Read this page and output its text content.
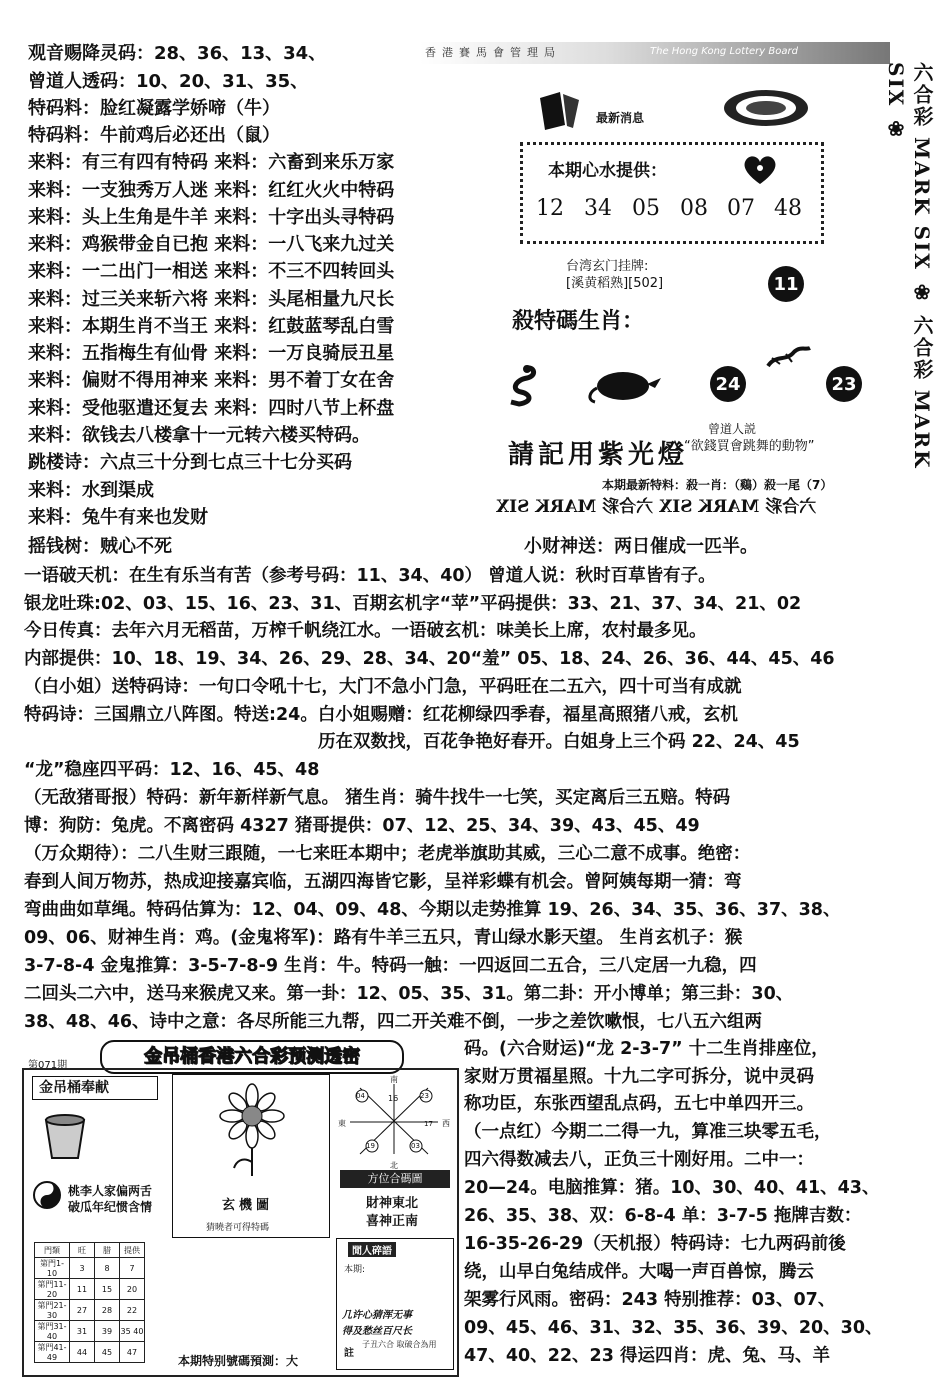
观音赐降灵码：28、36、13、34、
曾道人透码：10、20、31、35、
特码料：脸红凝露学娇啼（牛）
特码料：牛前鸡后必还出（鼠）
来料：有三有四有特码 来料：六畜到来乐万家
来料：一支独秀万人迷 来料：红红火火中特码
来料：头上生角是牛羊 来料：十字出头寻特码
来料：鸡猴带金自已抱 来料：一八飞来九过关
来料：一二出门一相送 来料：不三不四转回头
来料：过三关来斩六将 来料：头尾相量九尺长
来料：本期生肖不当王 来料：红鼓蓝琴乱白雪
来料：五指梅生有仙骨 来料：一万良骑辰丑星
来料：偏财不得用神来 来料：男不着丁女在舍
来料：受他驱遣还复去 来料：四时八节上杯盘
来料：欲钱去八楼拿十一元转六楼买特码。
跳楼诗：六点三十分到七点三十七分买码
来料：水到渠成
来料：兔牛有来也发财
摇钱树：贼心不死
香港賽馬會管理局	The Hong Kong Lottery Board
最新消息
本期心水提供：
12 34 05 08 07 48
台湾玄门挂牌:
[溪黄稻熟][502]	11
殺特碼生肖：
24	23
曾道人説
“欲錢買會跳舞的動物”
請記用紫光燈
本期最新特料：殺一肖：（鷄）殺一尾（7）
六合彩 MARK SIX 六合彩 MARK SIX
六合彩 MARK SIX ❀ 六合彩 MARK SIX ❀
小财神送：两日催成一匹半。
一语破天机：在生有乐当有苦（参考号码：11、34、40） 曾道人说：秋时百草皆有子。
银龙吐珠:02、03、15、16、23、31、百期玄机字“苹”平码提供：33、21、37、34、21、02
今日传真：去年六月无稻苗，万榨千帆绕江水。一语破玄机：味美长上席，农村最多见。
内部提供：10、18、19、34、26、29、28、34、20“羞” 05、18、24、26、36、44、45、46
（白小姐）送特码诗：一句口令吼十七，大门不急小门急，平码旺在二五六，四十可当有成就
特码诗：三国鼎立八阵图。特送:24。白小姐赐赠：红花柳绿四季春，福星高照猪八戒，玄机
历在双数找，百花争艳好春开。白姐身上三个码 22、24、45
“龙”稳座四平码：12、16、45、48
（无敌猪哥报）特码：新年新样新气息。 猪生肖：骑牛找牛一七笑，买定离后三五赔。特码
博：狗防：兔虎。不离密码 4327 猪哥提供：07、12、25、34、39、43、45、49
（万众期待）：二八生财三跟随，一七来旺本期中；老虎举旗助其威，三心二意不成事。绝密：
春到人间万物苏，热成迎接嘉宾临，五湖四海皆它影，呈祥彩蝶有机会。曾阿姨每期一猜：弯
弯曲曲如草绳。特码估算为：12、04、09、48、今期以走势推算 19、26、34、35、36、37、38、
09、06、财神生肖：鸡。(金鬼将军)：路有牛羊三五只，青山绿水影天望。 生肖玄机子：猴
3-7-8-4 金鬼推算：3-5-7-8-9 生肖：牛。特码一触：一四返回二五合，三八定居一九稳，四
二回头二六中，送马来猴虎又来。第一卦：12、05、35、31。第二卦：开小博单；第三卦：30、
38、48、46、诗中之意：各尽所能三九帮，四二开关难不倒，一步之差饮嗽恨，七八五六组两
码。(六合财运)“龙 2-3-7” 十二生肖排座位，
家财万贯福星照。十九二字可拆分，说中灵码
称功臣，东张西望乱点码，五七中单四开三。
（一点红）今期二二得一九，算准三块零五毛，
四六得数减去八，正负三十刚好用。二中一：
20—24。电脑推算：猪。10、30、40、41、43、
26、35、38、双：6-8-4 单：3-7-5 拖牌吉数：
16-35-26-29（天机报）特码诗：七九两码前後
绕，山早白兔结成伴。大喝一声百兽惊，腾云
架雾行风雨。密码：243 特别推荐：03、07、
09、45、46、31、32、35、36、39、20、30、
47、40、22、23 得运四肖：虎、兔、马、羊
第071期	金吊桶香港六合彩预测透密
金吊桶奉献
桃李人家偏两舌
破瓜年纪惯含情
門類	旺	腊	提供
第門1-10	3	8	7
第門11-20	11	15	20
第門21-30	27	28	22
第門31-40	31	39	35 40
第門41-49	44	45	47
玄機圖
猜曉者可得特碼
本期特别號碼預測：大
南
東	西
北
16
04	23
19	03
17
方位合碼圖
財神東北
喜神正南
閒人碎語
本期:
几许心猜浑无事
得及愁丝百尺长
註
子丑六合 取破合為用
